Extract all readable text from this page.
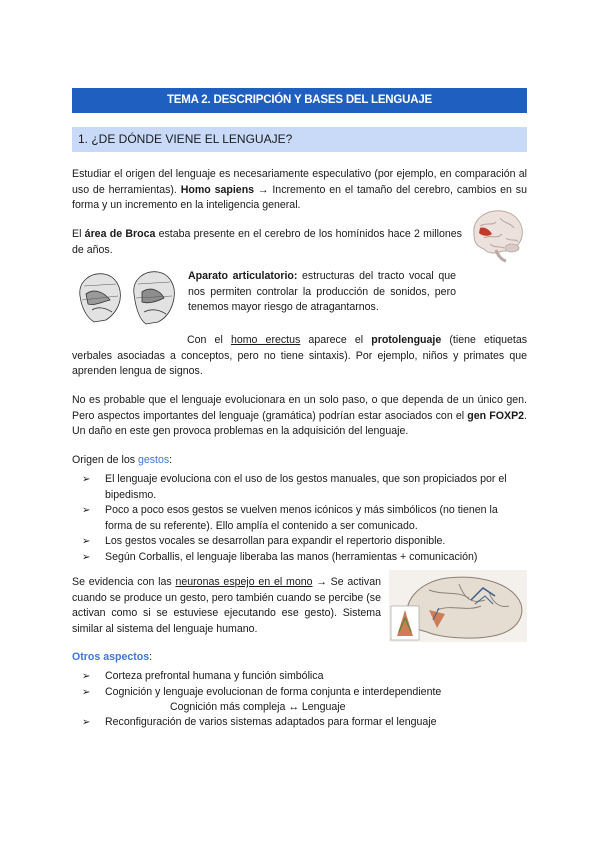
TEMA 2. DESCRIPCIÓN Y BASES DEL LENGUAJE
1. ¿DE DÓNDE VIENE EL LENGUAJE?
Estudiar el origen del lenguaje es necesariamente especulativo (por ejemplo, en comparación al uso de herramientas). Homo sapiens → Incremento en el tamaño del cerebro, cambios en su forma y un incremento en la inteligencia general.
El área de Broca estaba presente en el cerebro de los homínidos hace 2 millones de años.
Aparato articulatorio: estructuras del tracto vocal que nos permiten controlar la producción de sonidos, pero tenemos mayor riesgo de atragantarnos.
Con el homo erectus aparece el protolenguaje (tiene etiquetas verbales asociadas a conceptos, pero no tiene sintaxis). Por ejemplo, niños y primates que aprenden lengua de signos.
No es probable que el lenguaje evolucionara en un solo paso, o que dependa de un único gen. Pero aspectos importantes del lenguaje (gramática) podrían estar asociados con el gen FOXP2. Un daño en este gen provoca problemas en la adquisición del lenguaje.
Origen de los gestos:
➢ El lenguaje evoluciona con el uso de los gestos manuales, que son propiciados por el bipedismo.
➢ Poco a poco esos gestos se vuelven menos icónicos y más simbólicos (no tienen la forma de su referente). Ello amplía el contenido a ser comunicado.
➢ Los gestos vocales se desarrollan para expandir el repertorio disponible.
➢ Según Corballis, el lenguaje liberaba las manos (herramientas + comunicación)
Se evidencia con las neuronas espejo en el mono → Se activan cuando se produce un gesto, pero también cuando se percibe (se activan como si se estuviese ejecutando ese gesto). Sistema similar al sistema del lenguaje humano.
Otros aspectos:
➢ Corteza prefrontal humana y función simbólica
➢ Cognición y lenguaje evolucionan de forma conjunta e interdependiente
Cognición más compleja ↔ Lenguaje
➢ Reconfiguración de varios sistemas adaptados para formar el lenguaje
